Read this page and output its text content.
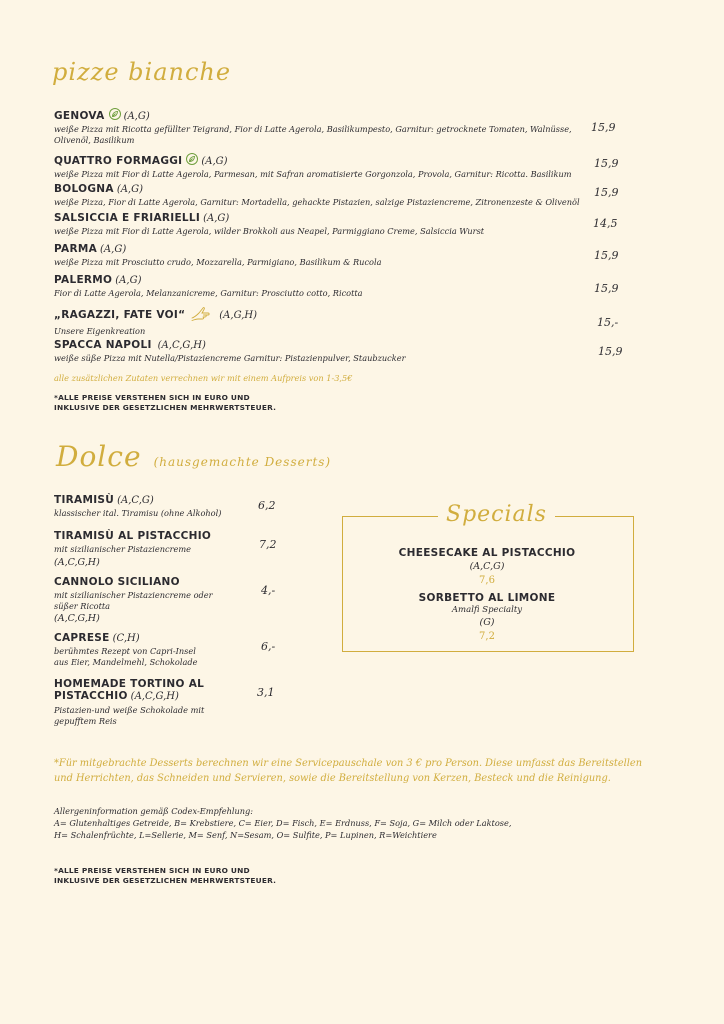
pizze bianche
GENOVA (A,G)
weiße Pizza mit Ricotta gefüllter Teigrand, Fior di Latte Agerola, Basilikumpesto, Garnitur: getrocknete Tomaten, Walnüsse,
Olivenöl, Basilikum
15,9
QUATTRO FORMAGGI (A,G)
weiße Pizza mit Fior di Latte Agerola, Parmesan, mit Safran aromatisierte Gorgonzola, Provola, Garnitur: Ricotta. Basilikum
15,9
BOLOGNA (A,G)
weiße Pizza, Fior di Latte Agerola, Garnitur: Mortadella, gehackte Pistazien, salzige Pistaziencreme, Zitronenzeste & Olivenöl
15,9
SALSICCIA E FRIARIELLI (A,G)
weiße Pizza mit Fior di Latte Agerola, wilder Brokkoli aus Neapel, Parmiggiano Creme, Salsiccia Wurst
14,5
PARMA (A,G)
weiße Pizza mit Prosciutto crudo, Mozzarella, Parmigiano, Basilikum & Rucola	15,9
PALERMO (A,G)
Fior di Latte Agerola, Melanzanicreme, Garnitur: Prosciutto cotto, Ricotta	15,9
„RAGAZZI, FATE VOI“	(A,G,H)
Unsere Eigenkreation
15,-
SPACCA NAPOLI (A,C,G,H)
weiße süße Pizza mit Nutella/Pistaziencreme Garnitur: Pistazienpulver, Staubzucker	15,9
alle zusätzlichen Zutaten verrechnen wir mit einem Aufpreis von 1-3,5€

*ALLE PREISE VERSTEHEN SICH IN EURO UND

INKLUSIVE DER GESETZLICHEN MEHRWERTSTEUER.

Dolce (hausgemachte Desserts)
TIRAMISÙ (A,C,G)
klassischer ital. Tiramisu (ohne Alkohol)
6,2
TIRAMISÙ AL PISTACCHIO
mit sizilianischer Pistaziencreme
(A,C,G,H)
7,2
CANNOLO SICILIANO
mit sizilianischer Pistaziencreme oder
süßer Ricotta
(A,C,G,H)
4,-
CAPRESE (C,H)
berühmtes Rezept von Capri-Insel
aus Eier, Mandelmehl, Schokolade
6,-
HOMEMADE TORTINO AL
PISTACCHIO (A,C,G,H)
Pistazien-und weiße Schokolade mit
gepufftem Reis
3,1
Specials
CHEESECAKE AL PISTACCHIO
(A,C,G)
7,6
SORBETTO AL LIMONE
Amalfi Specialty
(G)
7,2
*Für mitgebrachte Desserts berechnen wir eine Servicepauschale von 3 € pro Person. Diese umfasst das Bereitstellen
und Herrichten, das Schneiden und Servieren, sowie die Bereitstellung von Kerzen, Besteck und die Reinigung.
Allergeninformation gemäß Codex-Empfehlung:
A= Glutenhaltiges Getreide, B= Krebstiere, C= Eier, D= Fisch, E= Erdnuss, F= Soja, G= Milch oder Laktose,
H= Schalenfrüchte, L=Sellerie, M= Senf, N=Sesam, O= Sulfite, P= Lupinen, R=Weichtiere

*ALLE PREISE VERSTEHEN SICH IN EURO UND

INKLUSIVE DER GESETZLICHEN MEHRWERTSTEUER.
